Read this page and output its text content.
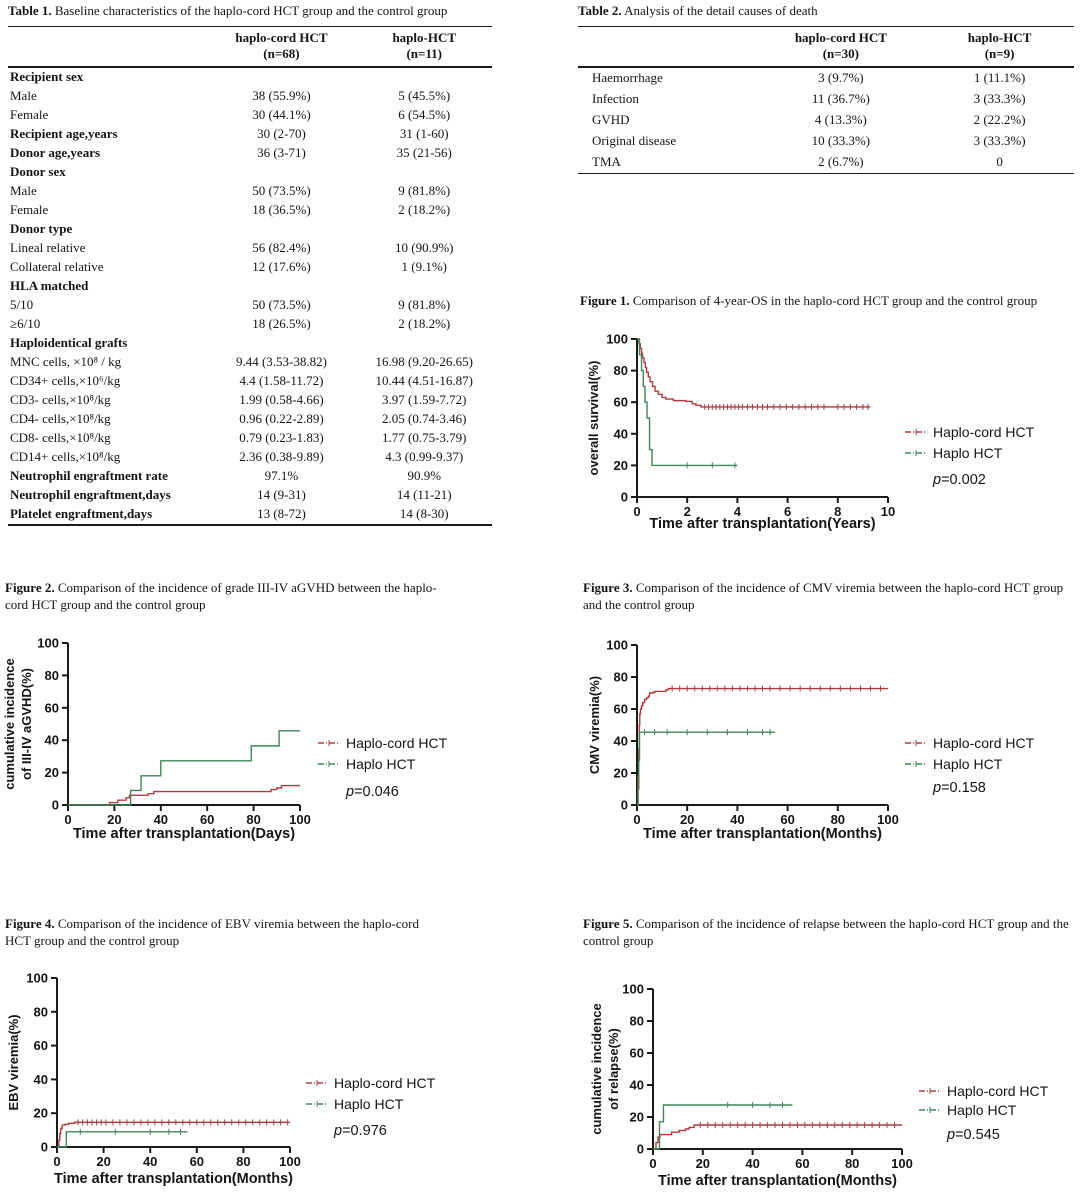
Table 1. Baseline characteristics of the haplo-cord HCT group and the control group

haplo-cord HCT
(n=68)

haplo-HCT
(n=11)

Recipient sex		
Male	38 (55.9%)	5 (45.5%)
Female	30 (44.1%)	6 (54.5%)
Recipient age,years	30 (2-70)	31 (1-60)
Donor age,years	36 (3-71)	35 (21-56)
Donor sex		
Male	50 (73.5%)	9 (81.8%)
Female	18 (36.5%)	2 (18.2%)
Donor type		
Lineal relative	56 (82.4%)	10 (90.9%)
Collateral relative	12 (17.6%)	1 (9.1%)
HLA matched		
5/10	50 (73.5%)	9 (81.8%)
≥6/10	18 (26.5%)	2 (18.2%)
Haploidentical grafts		
MNC cells, ×10⁸ / kg	9.44 (3.53-38.82)	16.98 (9.20-26.65)
CD34+ cells,×10⁶/kg	4.4 (1.58-11.72)	10.44 (4.51-16.87)
CD3- cells,×10⁸/kg	1.99 (0.58-4.66)	3.97 (1.59-7.72)
CD4- cells,×10⁸/kg	0.96 (0.22-2.89)	2.05 (0.74-3.46)
CD8- cells,×10⁸/kg	0.79 (0.23-1.83)	1.77 (0.75-3.79)
CD14+ cells,×10⁸/kg	2.36 (0.38-9.89)	4.3 (0.99-9.37)
Neutrophil engraftment rate	97.1%	90.9%
Neutrophil engraftment,days	14 (9-31)	14 (11-21)
Platelet engraftment,days	13 (8-72)	14 (8-30)
Table 2. Analysis of the detail causes of death

haplo-cord HCT
(n=30)

haplo-HCT
(n=9)

Haemorrhage	3 (9.7%)	1 (11.1%)
Infection	11 (36.7%)	3 (33.3%)
GVHD	4 (13.3%)	2 (22.2%)
Original disease	10 (33.3%)	3 (33.3%)
TMA	2 (6.7%)	0
Figure 1. Comparison of 4-year-OS in the haplo-cord HCT group and the control group
0
20
40
60
80
100
0	2	4	6	8	10
overall survival(%)
Time after transplantation(Years)
Haplo-cord HCT
Haplo HCT
p=0.002
Figure 2. Comparison of the incidence of grade III-IV aGVHD between the haplo-cord HCT group and the control group
0
20
40
60
80
100
0	20 40 60 80 100
cumulative incidence of III-IV aGVHD(%)
Time after transplantation(Days)
Haplo-cord HCT
Haplo HCT
p=0.046
Figure 3. Comparison of the incidence of CMV viremia between the haplo-cord HCT group and the control group
0
20
40
60
80
100
0	20	40	60	80 100
CMV viremia(%)
Time after transplantation(Months)
Haplo-cord HCT
Haplo HCT
p=0.158
Figure 4. Comparison of the incidence of EBV viremia between the haplo-cord HCT group and the control group
0
20
40
60
80
100
0	20 40 60 80 100
EBV viremia(%)
Time after transplantation(Months)
Haplo-cord HCT
Haplo HCT
p=0.976
Figure 5. Comparison of the incidence of relapse between the haplo-cord HCT group and the control group
0
20
40
60
80
100
0	20	40	60	80 100
cumulative incidence of relapse(%)
Time after transplantation(Months)
Haplo-cord HCT
Haplo HCT
p=0.545
